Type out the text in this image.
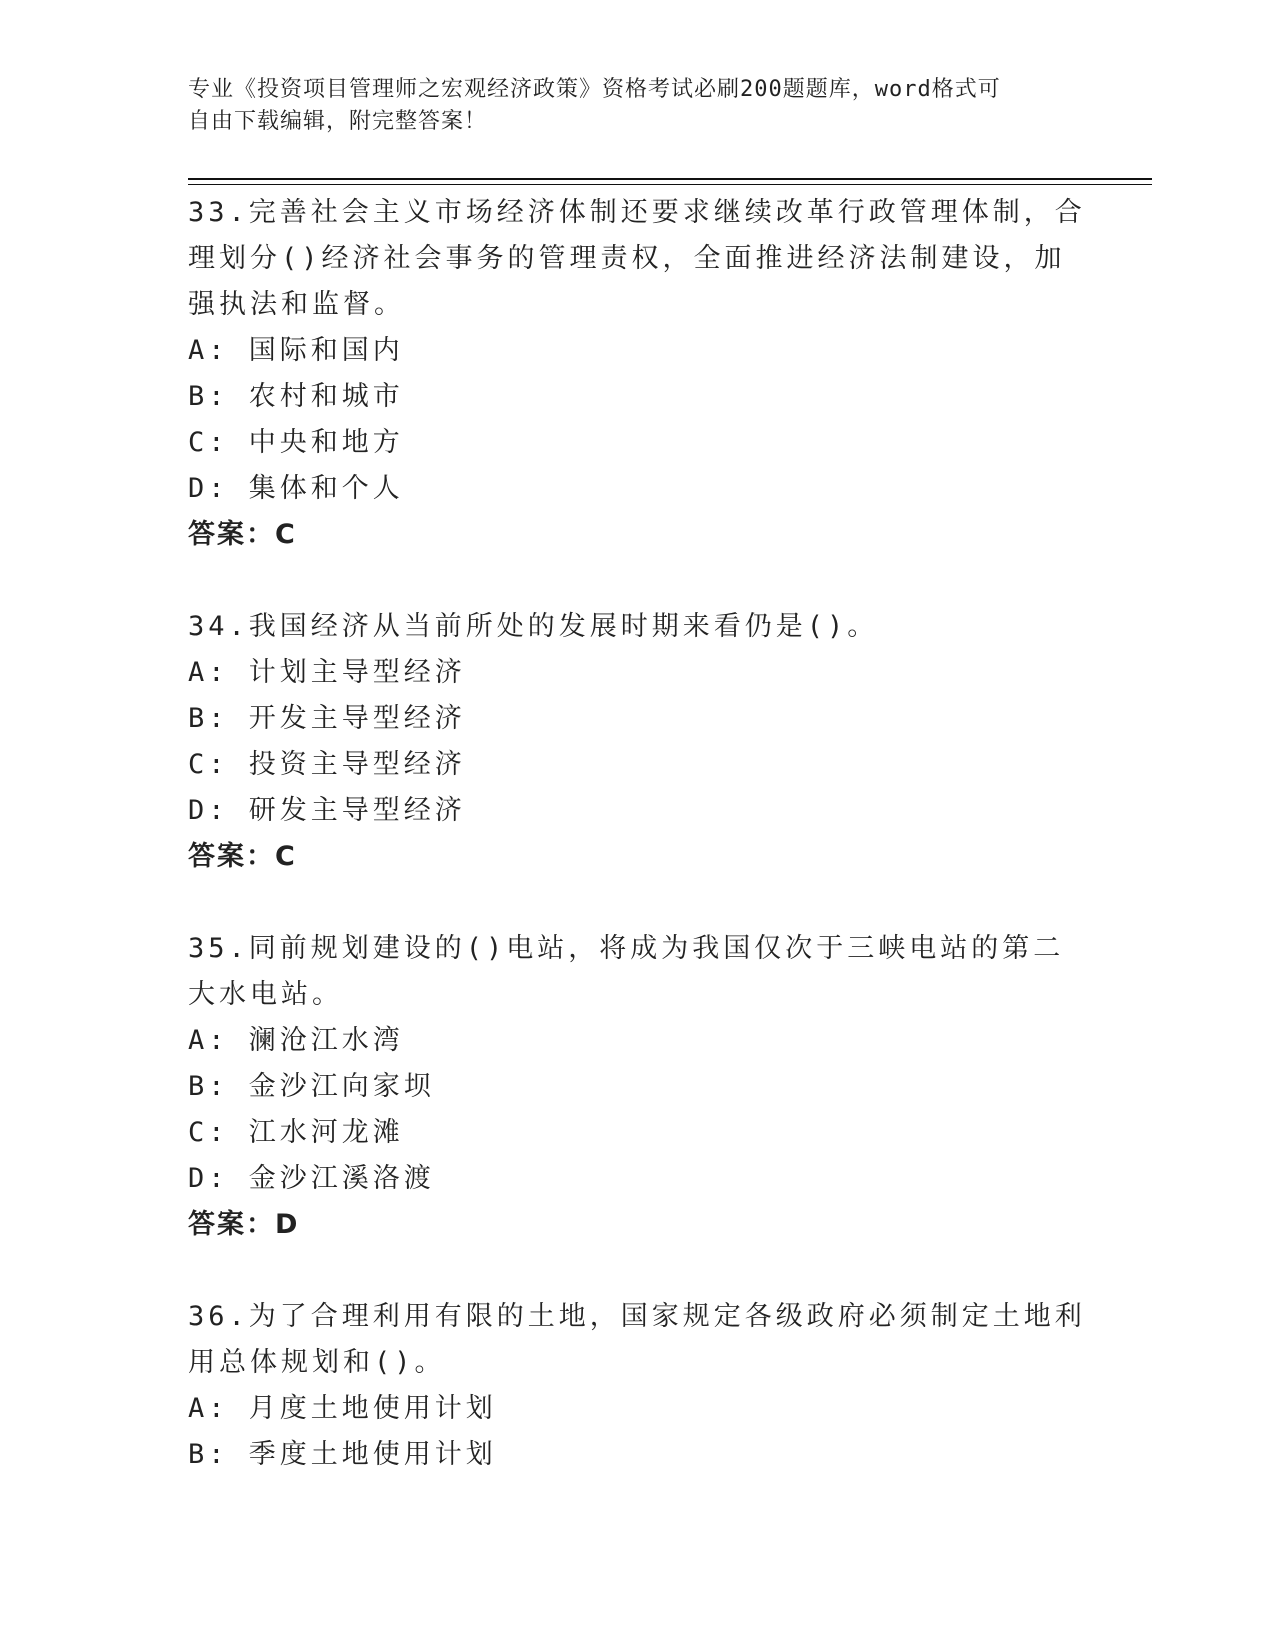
专业《投资项目管理师之宏观经济政策》资格考试必刷200题题库，word格式可
自由下载编辑，附完整答案！

33.完善社会主义市场经济体制还要求继续改革行政管理体制，合理划分()经济社会事务的管理责权，全面推进经济法制建设，加强执法和监督。

A: 国际和国内

B: 农村和城市

C: 中央和地方

D: 集体和个人

答案：C

34.我国经济从当前所处的发展时期来看仍是()。

A: 计划主导型经济

B: 开发主导型经济

C: 投资主导型经济

D: 研发主导型经济

答案：C

35.同前规划建设的()电站，将成为我国仅次于三峡电站的第二大水电站。

A: 澜沧江水湾

B: 金沙江向家坝

C: 江水河龙滩

D: 金沙江溪洛渡

答案：D

36.为了合理利用有限的土地，国家规定各级政府必须制定土地利用总体规划和()。

A: 月度土地使用计划

B: 季度土地使用计划
